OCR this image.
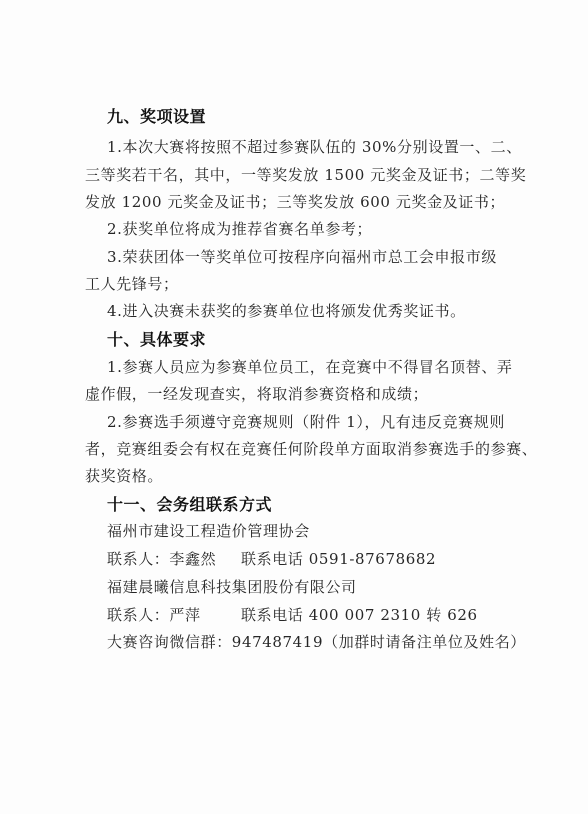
九、奖项设置
1.本次大赛将按照不超过参赛队伍的 30%分别设置一、二、
三等奖若干名，其中，一等奖发放 1500 元奖金及证书；二等奖
发放 1200 元奖金及证书；三等奖发放 600 元奖金及证书；
2.获奖单位将成为推荐省赛名单参考；
3.荣获团体一等奖单位可按程序向福州市总工会申报市级
工人先锋号；
4.进入决赛未获奖的参赛单位也将颁发优秀奖证书。
十、具体要求
1.参赛人员应为参赛单位员工，在竞赛中不得冒名顶替、弄
虚作假，一经发现查实，将取消参赛资格和成绩；
2.参赛选手须遵守竞赛规则（附件 1），凡有违反竞赛规则
者，竞赛组委会有权在竞赛任何阶段单方面取消参赛选手的参赛、
获奖资格。
十一、会务组联系方式
福州市建设工程造价管理协会
联系人：李鑫然 联系电话 0591-87678682
福建晨曦信息科技集团股份有限公司
联系人：严萍	联系电话 400 007 2310 转 626
大赛咨询微信群：947487419（加群时请备注单位及姓名）
